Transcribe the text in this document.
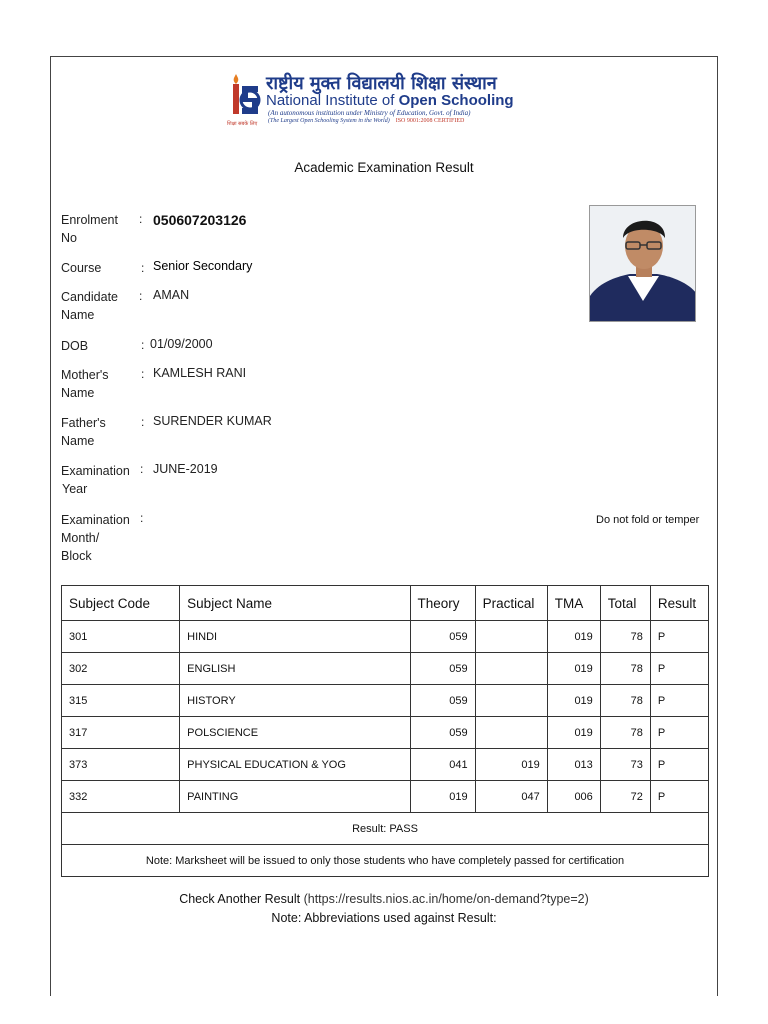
शिक्षा सबके लिए
राष्ट्रीय मुक्त विद्यालयी शिक्षा संस्थान
National Institute of Open Schooling
(An autonomous institution under Ministry of Education, Govt. of India)
(The Largest Open Schooling System in the World) ISO 9001:2008 CERTIFIED
Academic Examination Result
Enrolment
No
: 050607203126
Course	: Senior Secondary
Candidate
Name
: AMAN
DOB	: 01/09/2000
Mother's
Name
: KAMLESH RANI
Father's
Name
: SURENDER KUMAR
Examination
Year
: JUNE-2019
Examination
Month/
Block
:	Do not fold or temper
Subject Code	Subject Name	Theory	Practical	TMA	Total	Result
301	HINDI	059		019	78	P
302	ENGLISH	059		019	78	P
315	HISTORY	059		019	78	P
317	POLSCIENCE	059		019	78	P
373	PHYSICAL EDUCATION & YOG	041	019	013	73	P
332	PAINTING	019	047	006	72	P
Result: PASS						
Note: Marksheet will be issued to only those students who have completely passed for certification						
Check Another Result (https://results.nios.ac.in/home/on-demand?type=2)
Note: Abbreviations used against Result:
